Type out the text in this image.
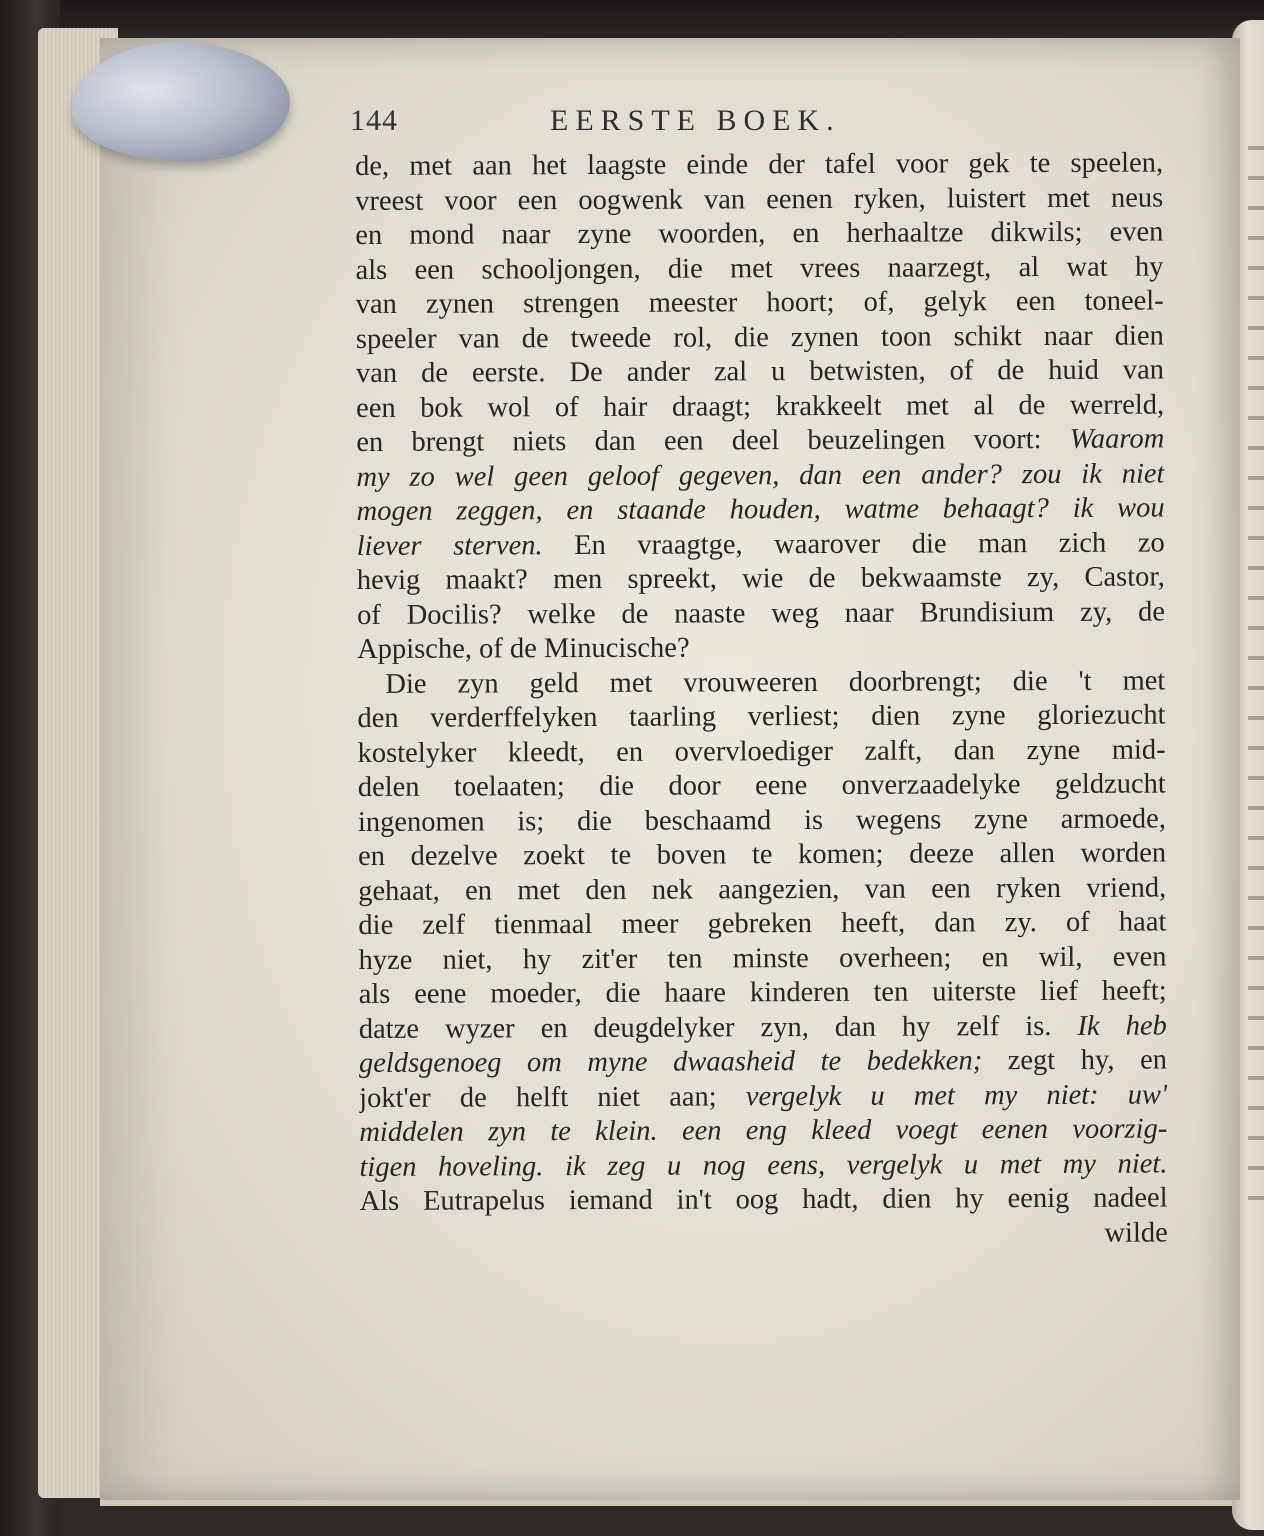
144	EERSTE BOEK.
de, met aan het laagste einde der tafel voor gek te speelen,
vreest voor een oogwenk van eenen ryken, luistert met neus
en mond naar zyne woorden, en herhaaltze dikwils; even
als een schooljongen, die met vrees naarzegt, al wat hy
van zynen strengen meester hoort; of, gelyk een toneel-
speeler van de tweede rol, die zynen toon schikt naar dien
van de eerste. De ander zal u betwisten, of de huid van
een bok wol of hair draagt; krakkeelt met al de werreld,
en brengt niets dan een deel beuzelingen voort: Waarom
my zo wel geen geloof gegeven, dan een ander? zou ik niet
mogen zeggen, en staande houden, watme behaagt? ik wou
liever sterven. En vraagtge, waarover die man zich zo
hevig maakt? men spreekt, wie de bekwaamste zy, Castor,
of Docilis? welke de naaste weg naar Brundisium zy, de
Appische, of de Minucische?
Die zyn geld met vrouweeren doorbrengt; die 't met
den verderffelyken taarling verliest; dien zyne gloriezucht
kostelyker kleedt, en overvloediger zalft, dan zyne mid-
delen toelaaten; die door eene onverzaadelyke geldzucht
ingenomen is; die beschaamd is wegens zyne armoede,
en dezelve zoekt te boven te komen; deeze allen worden
gehaat, en met den nek aangezien, van een ryken vriend,
die zelf tienmaal meer gebreken heeft, dan zy. of haat
hyze niet, hy zit'er ten minste overheen; en wil, even
als eene moeder, die haare kinderen ten uiterste lief heeft;
datze wyzer en deugdelyker zyn, dan hy zelf is. Ik heb
geldsgenoeg om myne dwaasheid te bedekken; zegt hy, en
jokt'er de helft niet aan; vergelyk u met my niet: uw'
middelen zyn te klein. een eng kleed voegt eenen voorzig-
tigen hoveling. ik zeg u nog eens, vergelyk u met my niet.
Als Eutrapelus iemand in't oog hadt, dien hy eenig nadeel
wilde
